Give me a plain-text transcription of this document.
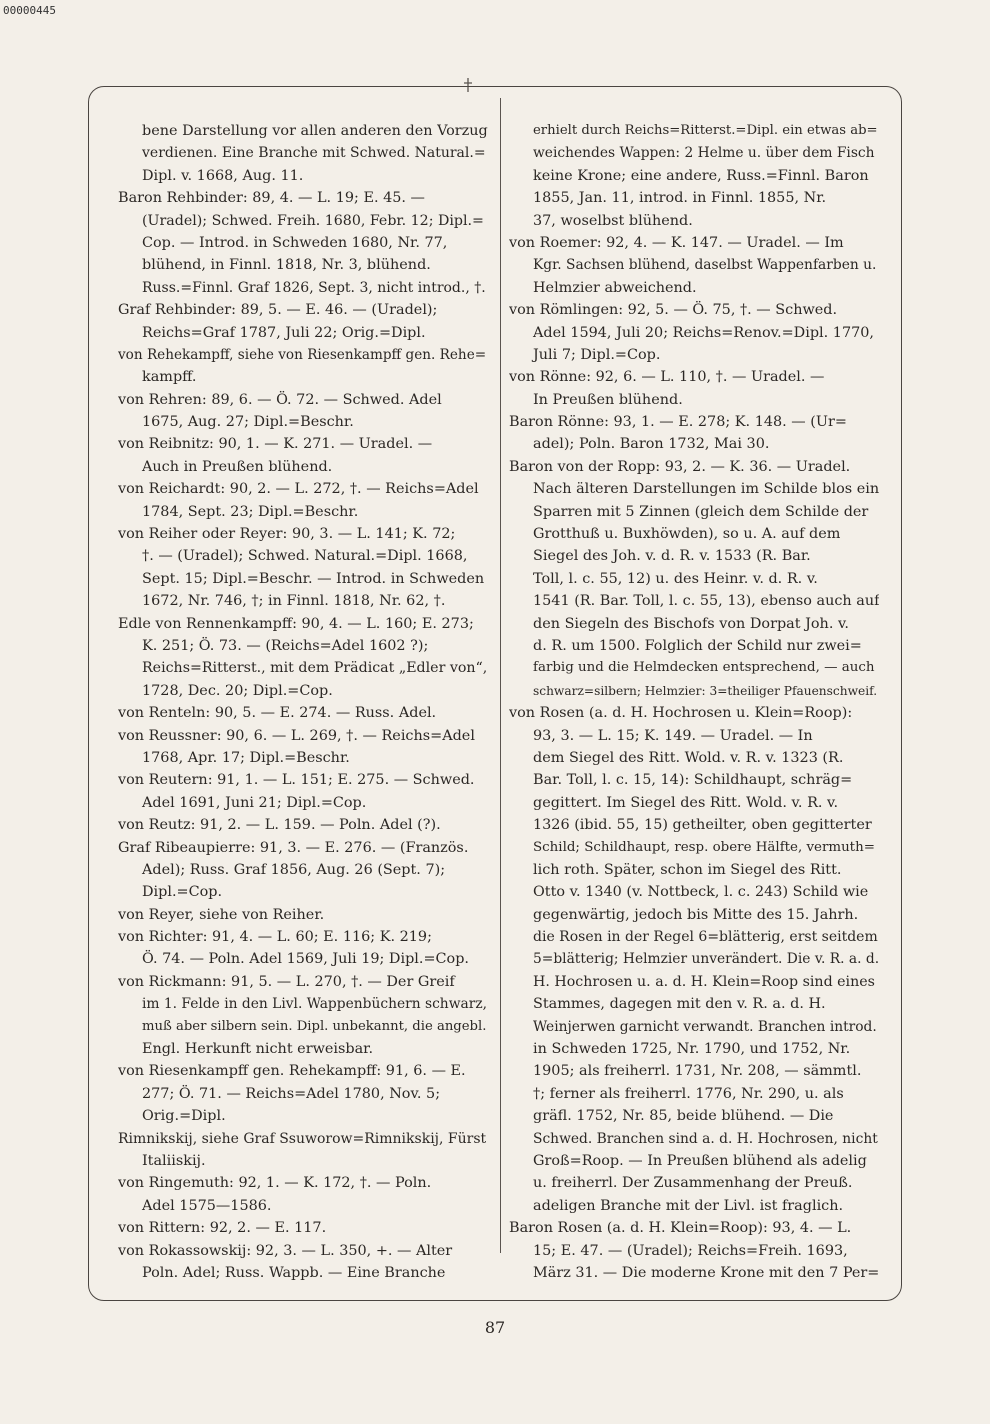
00000445
bene Darstellung vor allen anderen den Vorzug
verdienen. Eine Branche mit Schwed. Natural.=
Dipl. v. 1668, Aug. 11.
Baron Rehbinder: 89, 4. — L. 19; E. 45. —
(Uradel); Schwed. Freih. 1680, Febr. 12; Dipl.=
Cop. — Introd. in Schweden 1680, Nr. 77,
blühend, in Finnl. 1818, Nr. 3, blühend.
Russ.=Finnl. Graf 1826, Sept. 3, nicht introd., †.
Graf Rehbinder: 89, 5. — E. 46. — (Uradel);
Reichs=Graf 1787, Juli 22; Orig.=Dipl.
von Rehekampff, siehe von Riesenkampff gen. Rehe=
kampff.
von Rehren: 89, 6. — Ö. 72. — Schwed. Adel
1675, Aug. 27; Dipl.=Beschr.
von Reibnitz: 90, 1. — K. 271. — Uradel. —
Auch in Preußen blühend.
von Reichardt: 90, 2. — L. 272, †. — Reichs=Adel
1784, Sept. 23; Dipl.=Beschr.
von Reiher oder Reyer: 90, 3. — L. 141; K. 72;
†. — (Uradel); Schwed. Natural.=Dipl. 1668,
Sept. 15; Dipl.=Beschr. — Introd. in Schweden
1672, Nr. 746, †; in Finnl. 1818, Nr. 62, †.
Edle von Rennenkampff: 90, 4. — L. 160; E. 273;
K. 251; Ö. 73. — (Reichs=Adel 1602 ?);
Reichs=Ritterst., mit dem Prädicat „Edler von“,
1728, Dec. 20; Dipl.=Cop.
von Renteln: 90, 5. — E. 274. — Russ. Adel.
von Reussner: 90, 6. — L. 269, †. — Reichs=Adel
1768, Apr. 17; Dipl.=Beschr.
von Reutern: 91, 1. — L. 151; E. 275. — Schwed.
Adel 1691, Juni 21; Dipl.=Cop.
von Reutz: 91, 2. — L. 159. — Poln. Adel (?).
Graf Ribeaupierre: 91, 3. — E. 276. — (Französ.
Adel); Russ. Graf 1856, Aug. 26 (Sept. 7);
Dipl.=Cop.
von Reyer, siehe von Reiher.
von Richter: 91, 4. — L. 60; E. 116; K. 219;
Ö. 74. — Poln. Adel 1569, Juli 19; Dipl.=Cop.
von Rickmann: 91, 5. — L. 270, †. — Der Greif
im 1. Felde in den Livl. Wappenbüchern schwarz,
muß aber silbern sein. Dipl. unbekannt, die angebl.
Engl. Herkunft nicht erweisbar.
von Riesenkampff gen. Rehekampff: 91, 6. — E.
277; Ö. 71. — Reichs=Adel 1780, Nov. 5;
Orig.=Dipl.
Rimnikskij, siehe Graf Ssuworow=Rimnikskij, Fürst
Italiiskij.
von Ringemuth: 92, 1. — K. 172, †. — Poln.
Adel 1575—1586.
von Rittern: 92, 2. — E. 117.
von Rokassowskij: 92, 3. — L. 350, +. — Alter
Poln. Adel; Russ. Wappb. — Eine Branche
erhielt durch Reichs=Ritterst.=Dipl. ein etwas ab=
weichendes Wappen: 2 Helme u. über dem Fisch
keine Krone; eine andere, Russ.=Finnl. Baron
1855, Jan. 11, introd. in Finnl. 1855, Nr.
37, woselbst blühend.
von Roemer: 92, 4. — K. 147. — Uradel. — Im
Kgr. Sachsen blühend, daselbst Wappenfarben u.
Helmzier abweichend.
von Römlingen: 92, 5. — Ö. 75, †. — Schwed.
Adel 1594, Juli 20; Reichs=Renov.=Dipl. 1770,
Juli 7; Dipl.=Cop.
von Rönne: 92, 6. — L. 110, †. — Uradel. —
In Preußen blühend.
Baron Rönne: 93, 1. — E. 278; K. 148. — (Ur=
adel); Poln. Baron 1732, Mai 30.
Baron von der Ropp: 93, 2. — K. 36. — Uradel.
Nach älteren Darstellungen im Schilde blos ein
Sparren mit 5 Zinnen (gleich dem Schilde der
Grotthuß u. Buxhöwden), so u. A. auf dem
Siegel des Joh. v. d. R. v. 1533 (R. Bar.
Toll, l. c. 55, 12) u. des Heinr. v. d. R. v.
1541 (R. Bar. Toll, l. c. 55, 13), ebenso auch auf
den Siegeln des Bischofs von Dorpat Joh. v.
d. R. um 1500. Folglich der Schild nur zwei=
farbig und die Helmdecken entsprechend, — auch
schwarz=silbern; Helmzier: 3=theiliger Pfauenschweif.
von Rosen (a. d. H. Hochrosen u. Klein=Roop):
93, 3. — L. 15; K. 149. — Uradel. — In
dem Siegel des Ritt. Wold. v. R. v. 1323 (R.
Bar. Toll, l. c. 15, 14): Schildhaupt, schräg=
gegittert. Im Siegel des Ritt. Wold. v. R. v.
1326 (ibid. 55, 15) getheilter, oben gegitterter
Schild; Schildhaupt, resp. obere Hälfte, vermuth=
lich roth. Später, schon im Siegel des Ritt.
Otto v. 1340 (v. Nottbeck, l. c. 243) Schild wie
gegenwärtig, jedoch bis Mitte des 15. Jahrh.
die Rosen in der Regel 6=blätterig, erst seitdem
5=blätterig; Helmzier unverändert. Die v. R. a. d.
H. Hochrosen u. a. d. H. Klein=Roop sind eines
Stammes, dagegen mit den v. R. a. d. H.
Weinjerwen garnicht verwandt. Branchen introd.
in Schweden 1725, Nr. 1790, und 1752, Nr.
1905; als freiherrl. 1731, Nr. 208, — sämmtl.
†; ferner als freiherrl. 1776, Nr. 290, u. als
gräfl. 1752, Nr. 85, beide blühend. — Die
Schwed. Branchen sind a. d. H. Hochrosen, nicht
Groß=Roop. — In Preußen blühend als adelig
u. freiherrl. Der Zusammenhang der Preuß.
adeligen Branche mit der Livl. ist fraglich.
Baron Rosen (a. d. H. Klein=Roop): 93, 4. — L.
15; E. 47. — (Uradel); Reichs=Freih. 1693,
März 31. — Die moderne Krone mit den 7 Per=
87
